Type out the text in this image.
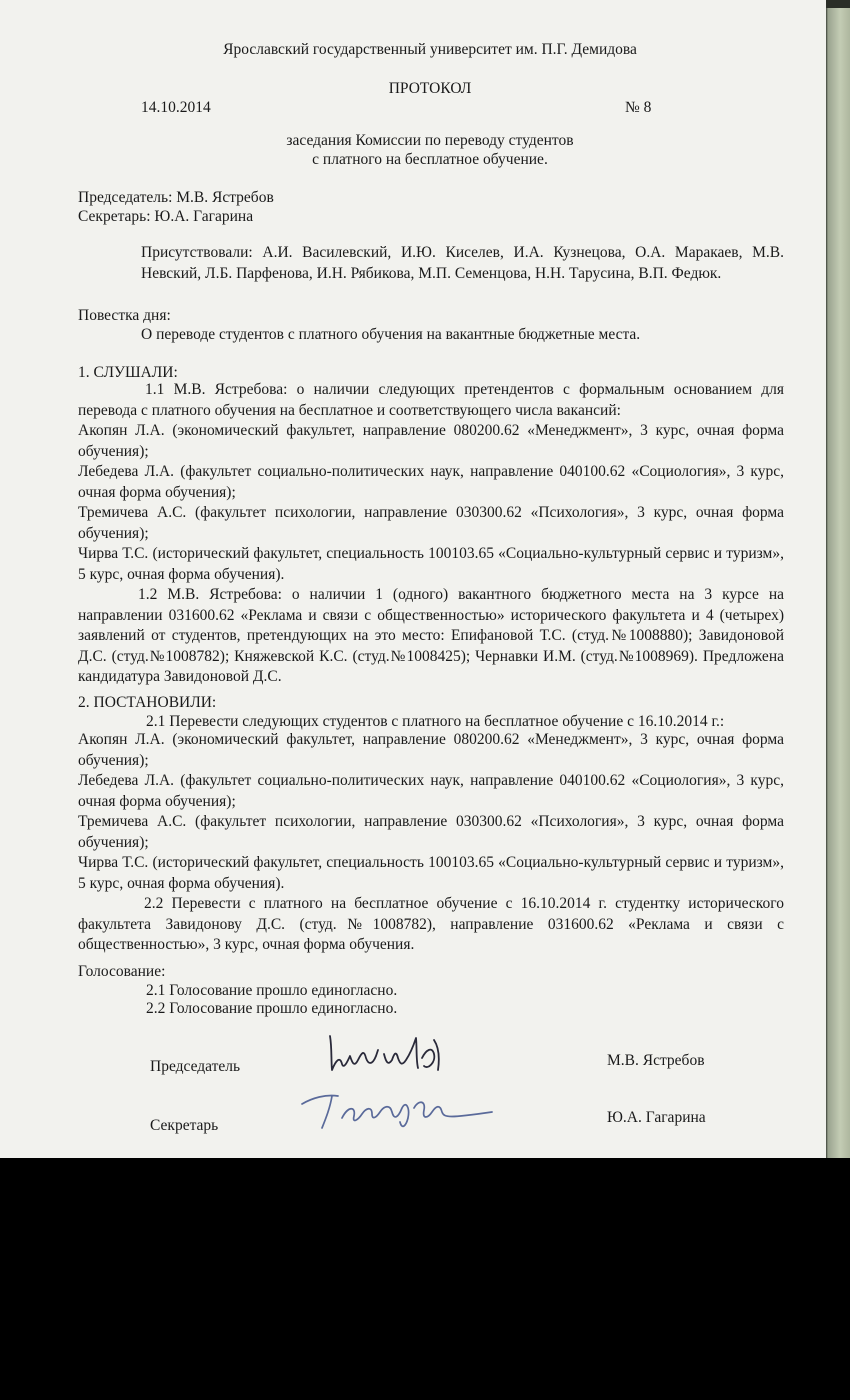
Ярославский государственный университет им. П.Г. Демидова

ПРОТОКОЛ

14.10.2014	№ 8

заседания Комиссии по переводу студентов

с платного на бесплатное обучение.

Председатель: М.В. Ястребов

Секретарь: Ю.А. Гагарина

Присутствовали: А.И. Василевский, И.Ю. Киселев, И.А. Кузнецова, О.А. Маракаев, М.В. Невский, Л.Б. Парфенова, И.Н. Рябикова, М.П. Семенцова, Н.Н. Тарусина, В.П. Федюк.

Повестка дня:

О переводе студентов с платного обучения на вакантные бюджетные места.

1. СЛУШАЛИ:

1.1 М.В. Ястребова: о наличии следующих претендентов с формальным основанием для перевода с платного обучения на бесплатное и соответствующего числа вакансий:

Акопян Л.А. (экономический факультет, направление 080200.62 «Менеджмент», 3 курс, очная форма обучения);

Лебедева Л.А. (факультет социально-политических наук, направление 040100.62 «Социология», 3 курс, очная форма обучения);

Тремичева А.С. (факультет психологии, направление 030300.62 «Психология», 3 курс, очная форма обучения);

Чирва Т.С. (исторический факультет, специальность 100103.65 «Социально-культурный сервис и туризм», 5 курс, очная форма обучения).

1.2 М.В. Ястребова: о наличии 1 (одного) вакантного бюджетного места на 3 курсе на направлении 031600.62 «Реклама и связи с общественностью» исторического факультета и 4 (четырех) заявлений от студентов, претендующих на это место: Епифановой Т.С. (студ.№1008880); Завидоновой Д.С. (студ.№1008782); Княжевской К.С. (студ.№1008425); Чернавки И.М. (студ.№1008969). Предложена кандидатура Завидоновой Д.С.

2. ПОСТАНОВИЛИ:

2.1 Перевести следующих студентов с платного на бесплатное обучение с 16.10.2014 г.:

Акопян Л.А. (экономический факультет, направление 080200.62 «Менеджмент», 3 курс, очная форма обучения);

Лебедева Л.А. (факультет социально-политических наук, направление 040100.62 «Социология», 3 курс, очная форма обучения);

Тремичева А.С. (факультет психологии, направление 030300.62 «Психология», 3 курс, очная форма обучения);

Чирва Т.С. (исторический факультет, специальность 100103.65 «Социально-культурный сервис и туризм», 5 курс, очная форма обучения).

2.2 Перевести с платного на бесплатное обучение с 16.10.2014 г. студентку исторического факультета Завидонову Д.С. (студ.№1008782), направление 031600.62 «Реклама и связи с общественностью», 3 курс, очная форма обучения.

Голосование:

2.1 Голосование прошло единогласно.

2.2 Голосование прошло единогласно.

Председатель	М.В. Ястребов

Секретарь	Ю.А. Гагарина
